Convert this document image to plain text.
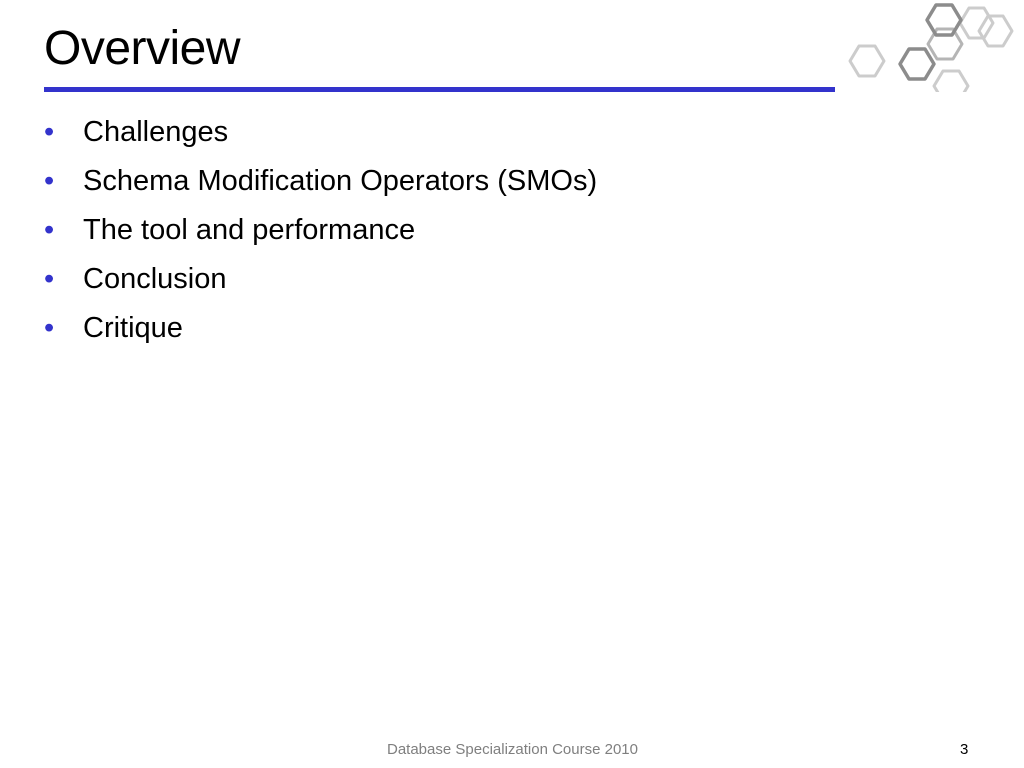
Overview
• Challenges
• Schema Modification Operators (SMOs)
• The tool and performance
• Conclusion
• Critique
Database Specialization Course 2010	3
